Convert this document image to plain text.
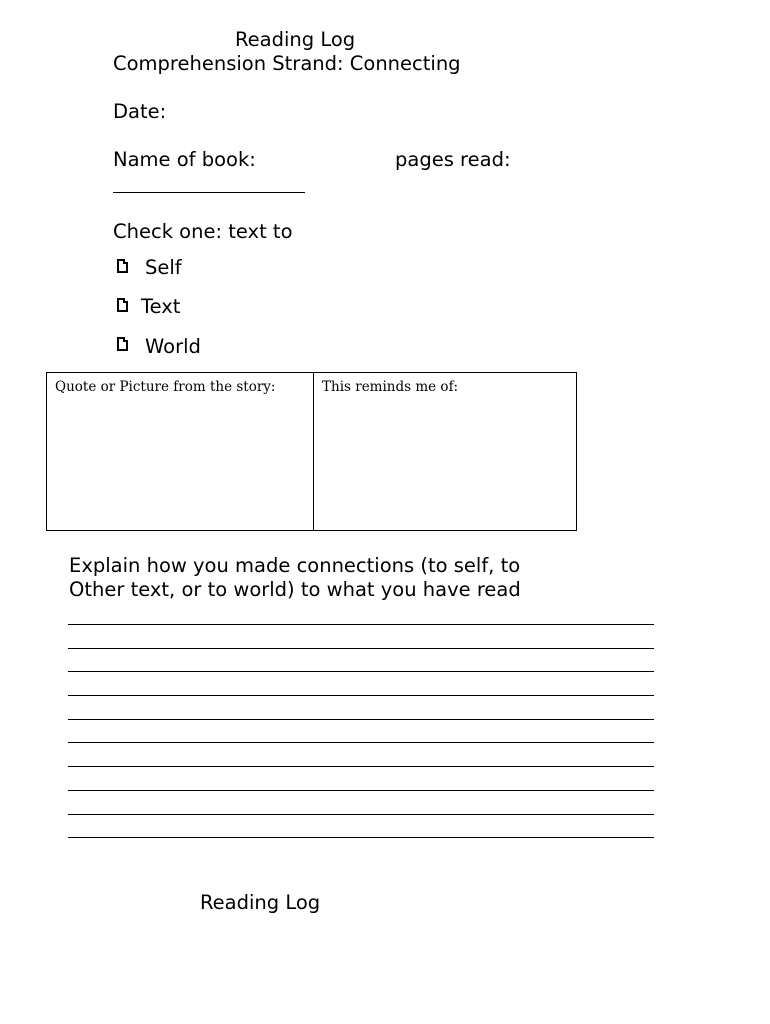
Reading Log

Comprehension Strand: Connecting

Date:

Name of book:	pages read:

Check one: text to

Self

Text

World

Quote or Picture from the story:	This reminds me of:

Explain how you made connections (to self, to

Other text, or to world) to what you have read

Reading Log
